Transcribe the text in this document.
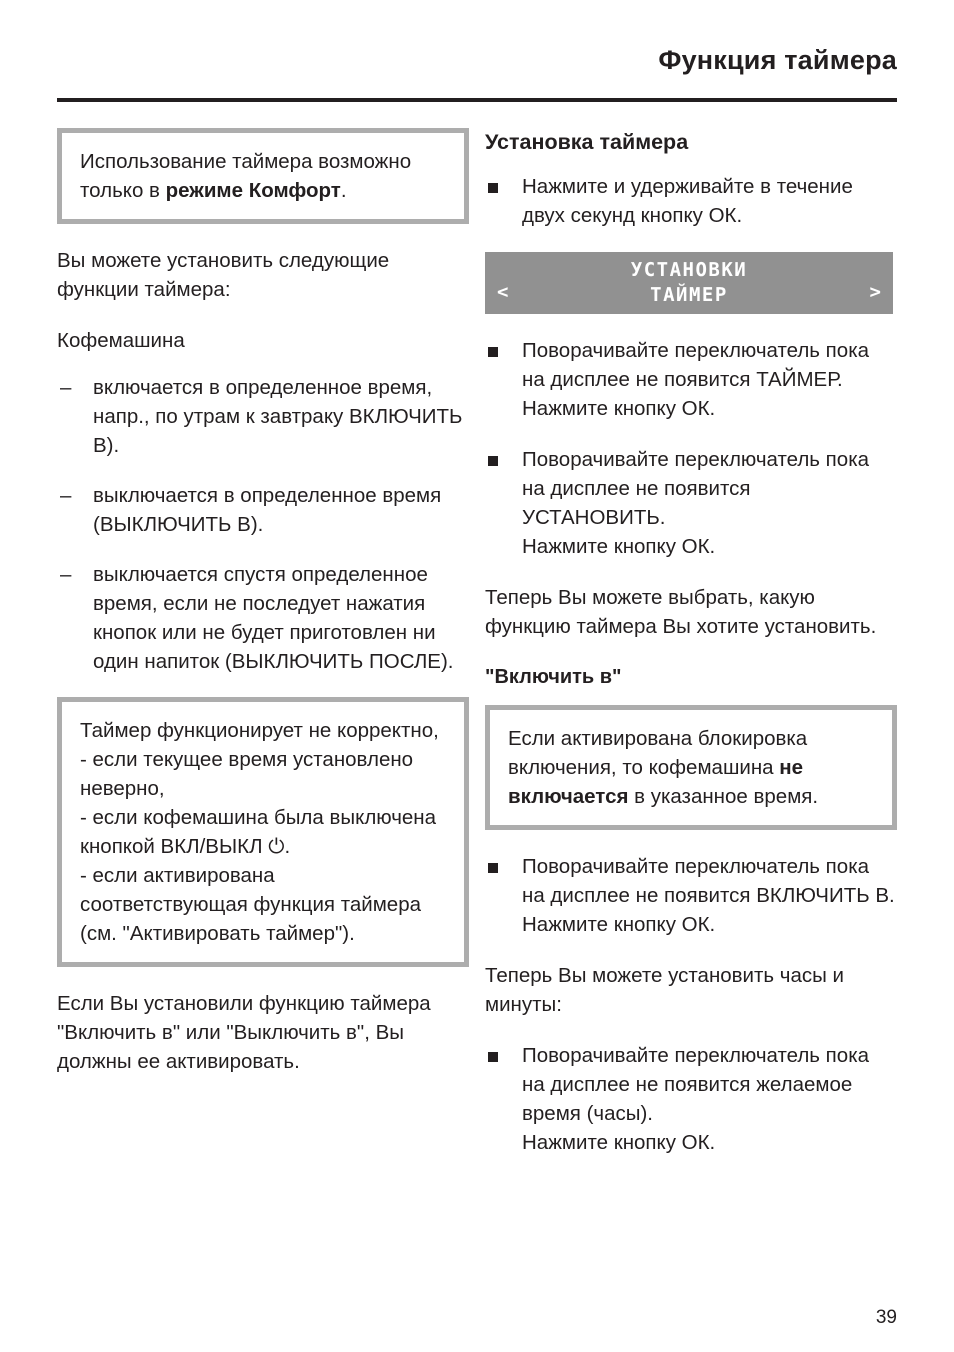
Функция таймера

Использование таймера возможно только в режиме Комфорт.

Вы можете установить следующие функции таймера:

Кофемашина

– включается в определенное время, напр., по утрам к завтраку ВКЛЮЧИТЬ В).
– выключается в определенное время (ВЫКЛЮЧИТЬ В).
– выключается спустя определенное время, если не последует нажатия кнопок или не будет приготовлен ни один напиток (ВЫКЛЮЧИТЬ ПОСЛЕ).

Таймер функционирует не корректно,
- если текущее время установлено неверно,
- если кофемашина была выключена кнопкой ВКЛ/ВЫКЛ ⏻.
- если активирована соответствующая функция таймера (см. "Активировать таймер").

Если Вы установили функцию таймера "Включить в" или "Выключить в", Вы должны ее активировать.

Установка таймера
Нажмите и удерживайте в течение двух секунд кнопку ОК.
УСТАНОВКИ
ТАЙМЕР
<	>
Поворачивайте переключатель пока на дисплее не появится ТАЙМЕР.
Нажмите кнопку ОК.
Поворачивайте переключатель пока на дисплее не появится УСТАНОВИТЬ.
Нажмите кнопку ОК.

Теперь Вы можете выбрать, какую функцию таймера Вы хотите установить.

"Включить в"

Если активирована блокировка включения, то кофемашина не включается в указанное время.

Поворачивайте переключатель пока на дисплее не появится ВКЛЮЧИТЬ В. Нажмите кнопку ОК.

Теперь Вы можете установить часы и минуты:

Поворачивайте переключатель пока на дисплее не появится желаемое время (часы).
Нажмите кнопку ОК.
39
